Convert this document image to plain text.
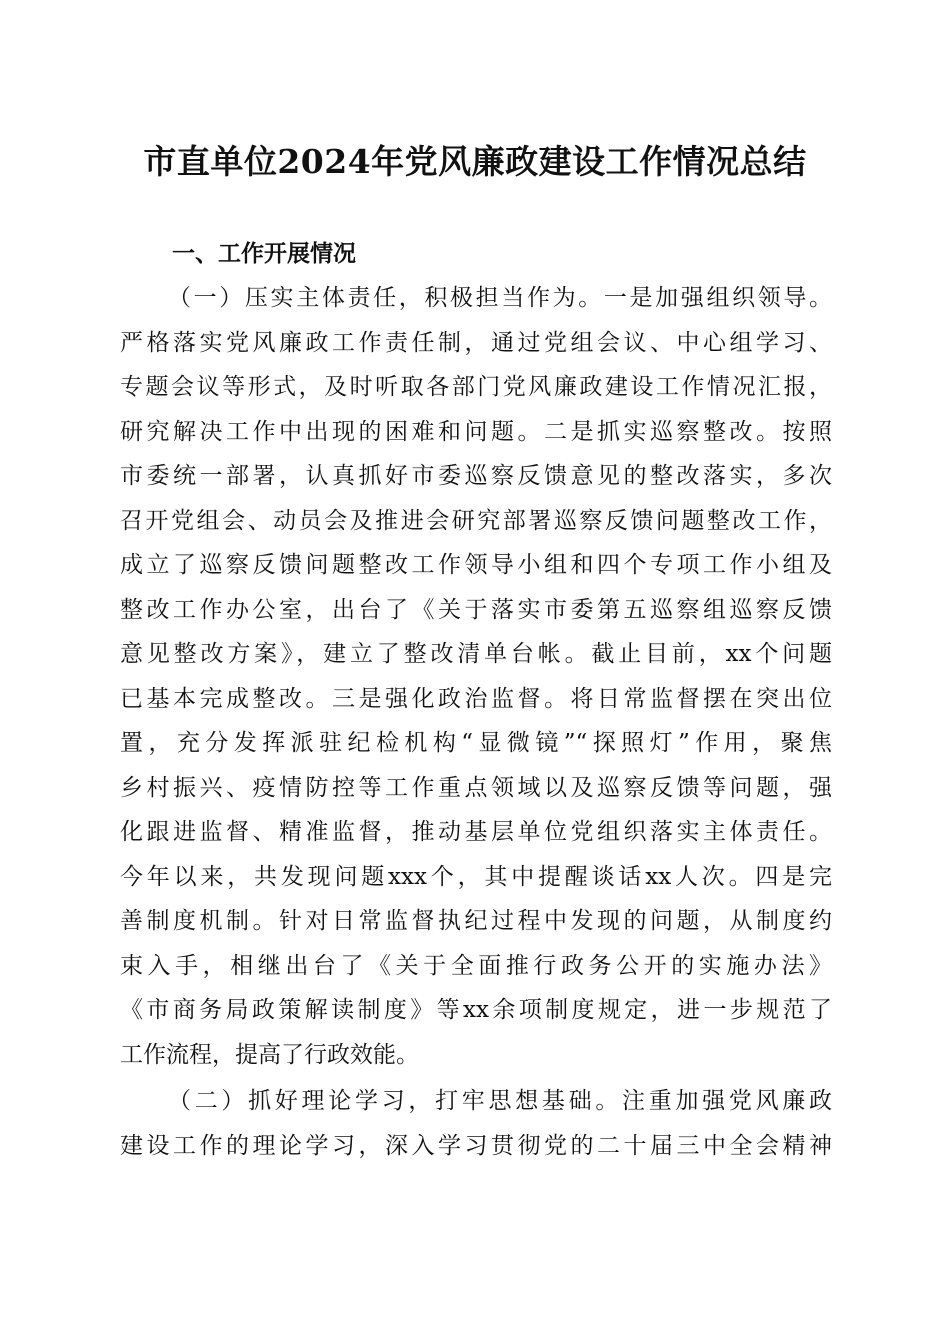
市直单位2024年党风廉政建设工作情况总结
一、工作开展情况
（一）压实主体责任，积极担当作为。一是加强组织领导。
严格落实党风廉政工作责任制，通过党组会议、中心组学习、
专题会议等形式，及时听取各部门党风廉政建设工作情况汇报，
研究解决工作中出现的困难和问题。二是抓实巡察整改。按照
市委统一部署，认真抓好市委巡察反馈意见的整改落实，多次
召开党组会、动员会及推进会研究部署巡察反馈问题整改工作，
成立了巡察反馈问题整改工作领导小组和四个专项工作小组及
整改工作办公室，出台了《关于落实市委第五巡察组巡察反馈
意见整改方案》，建立了整改清单台帐。截止目前，xx个问题
已基本完成整改。三是强化政治监督。将日常监督摆在突出位
置，充分发挥派驻纪检机构“显微镜”“探照灯”作用，聚焦
乡村振兴、疫情防控等工作重点领域以及巡察反馈等问题，强
化跟进监督、精准监督，推动基层单位党组织落实主体责任。
今年以来，共发现问题xxx个，其中提醒谈话xx人次。四是完
善制度机制。针对日常监督执纪过程中发现的问题，从制度约
束入手，相继出台了《关于全面推行政务公开的实施办法》
《市商务局政策解读制度》等xx余项制度规定，进一步规范了
工作流程，提高了行政效能。
（二）抓好理论学习，打牢思想基础。注重加强党风廉政
建设工作的理论学习，深入学习贯彻党的二十届三中全会精神
